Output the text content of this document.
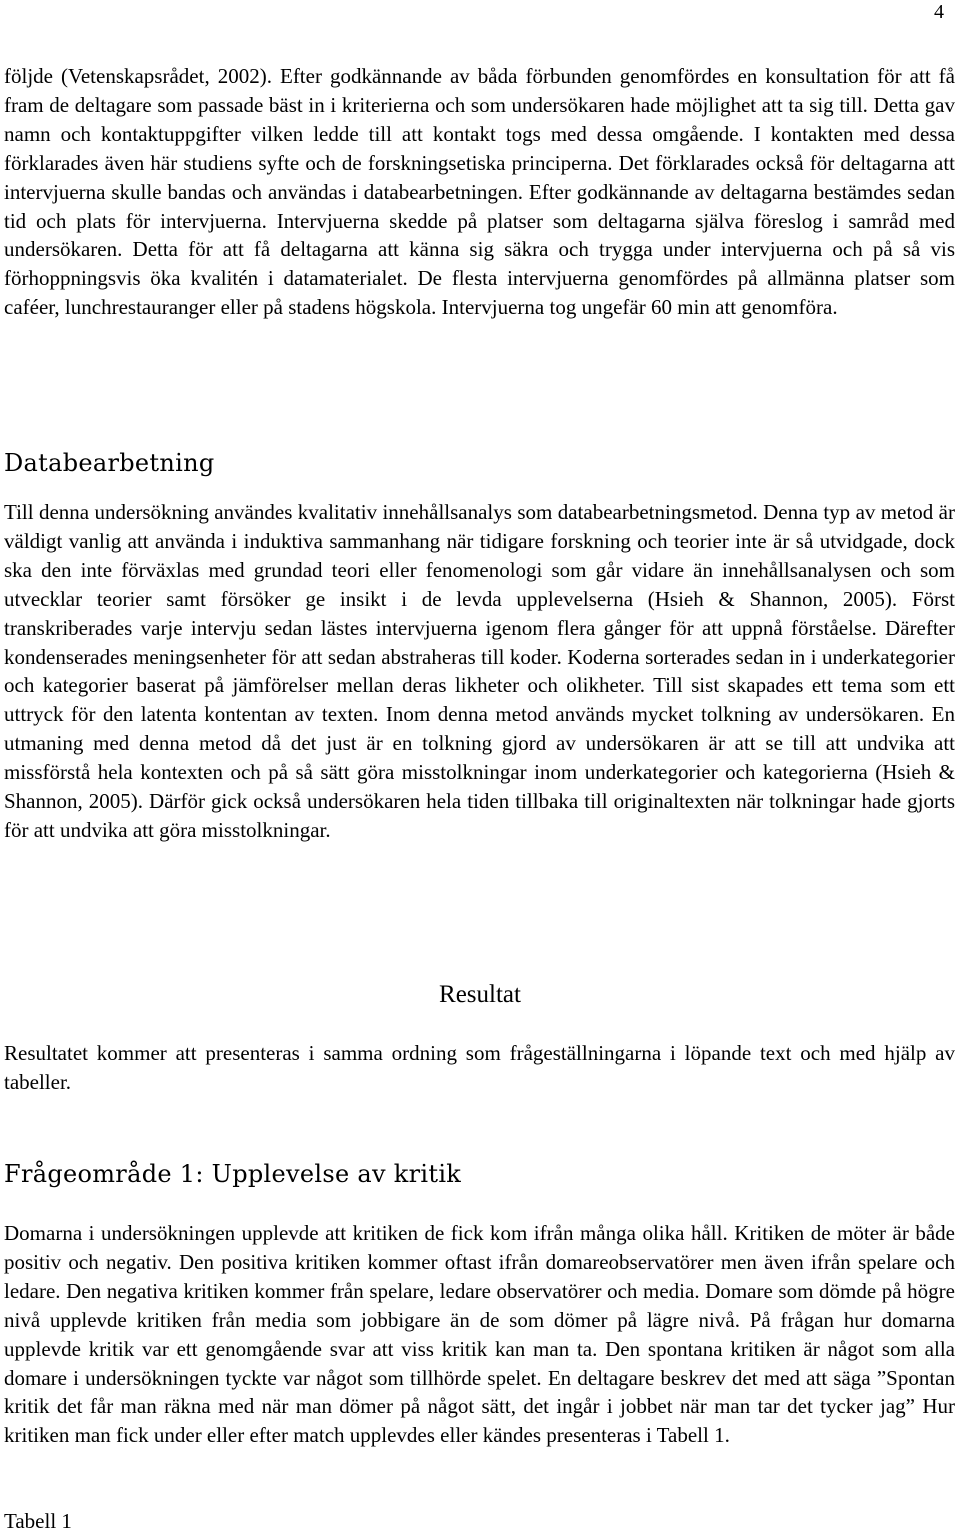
4

följde (Vetenskapsrådet, 2002). Efter godkännande av båda förbunden genomfördes en konsultation för att få fram de deltagare som passade bäst in i kriterierna och som undersökaren hade möjlighet att ta sig till. Detta gav namn och kontaktuppgifter vilken ledde till att kontakt togs med dessa omgående. I kontakten med dessa förklarades även här studiens syfte och de forskningsetiska principerna. Det förklarades också för deltagarna att intervjuerna skulle bandas och användas i databearbetningen. Efter godkännande av deltagarna bestämdes sedan tid och plats för intervjuerna. Intervjuerna skedde på platser som deltagarna själva föreslog i samråd med undersökaren. Detta för att få deltagarna att känna sig säkra och trygga under intervjuerna och på så vis förhoppningsvis öka kvalitén i datamaterialet. De flesta intervjuerna genomfördes på allmänna platser som caféer, lunchrestauranger eller på stadens högskola. Intervjuerna tog ungefär 60 min att genomföra.

Databearbetning

Till denna undersökning användes kvalitativ innehållsanalys som databearbetningsmetod. Denna typ av metod är väldigt vanlig att använda i induktiva sammanhang när tidigare forskning och teorier inte är så utvidgade, dock ska den inte förväxlas med grundad teori eller fenomenologi som går vidare än innehållsanalysen och som utvecklar teorier samt försöker ge insikt i de levda upplevelserna (Hsieh & Shannon, 2005). Först transkriberades varje intervju sedan lästes intervjuerna igenom flera gånger för att uppnå förståelse. Därefter kondenserades meningsenheter för att sedan abstraheras till koder. Koderna sorterades sedan in i underkategorier och kategorier baserat på jämförelser mellan deras likheter och olikheter. Till sist skapades ett tema som ett uttryck för den latenta kontentan av texten. Inom denna metod används mycket tolkning av undersökaren. En utmaning med denna metod då det just är en tolkning gjord av undersökaren är att se till att undvika att missförstå hela kontexten och på så sätt göra misstolkningar inom underkategorier och kategorierna (Hsieh & Shannon, 2005). Därför gick också undersökaren hela tiden tillbaka till originaltexten när tolkningar hade gjorts för att undvika att göra misstolkningar.

Resultat

Resultatet kommer att presenteras i samma ordning som frågeställningarna i löpande text och med hjälp av tabeller.

Frågeområde 1: Upplevelse av kritik

Domarna i undersökningen upplevde att kritiken de fick kom ifrån många olika håll. Kritiken de möter är både positiv och negativ. Den positiva kritiken kommer oftast ifrån domareobservatörer men även ifrån spelare och ledare. Den negativa kritiken kommer från spelare, ledare observatörer och media. Domare som dömde på högre nivå upplevde kritiken från media som jobbigare än de som dömer på lägre nivå. På frågan hur domarna upplevde kritik var ett genomgående svar att viss kritik kan man ta. Den spontana kritiken är något som alla domare i undersökningen tyckte var något som tillhörde spelet. En deltagare beskrev det med att säga ”Spontan kritik det får man räkna med när man dömer på något sätt, det ingår i jobbet när man tar det tycker jag” Hur kritiken man fick under eller efter match upplevdes eller kändes presenteras i Tabell 1.

Tabell 1
